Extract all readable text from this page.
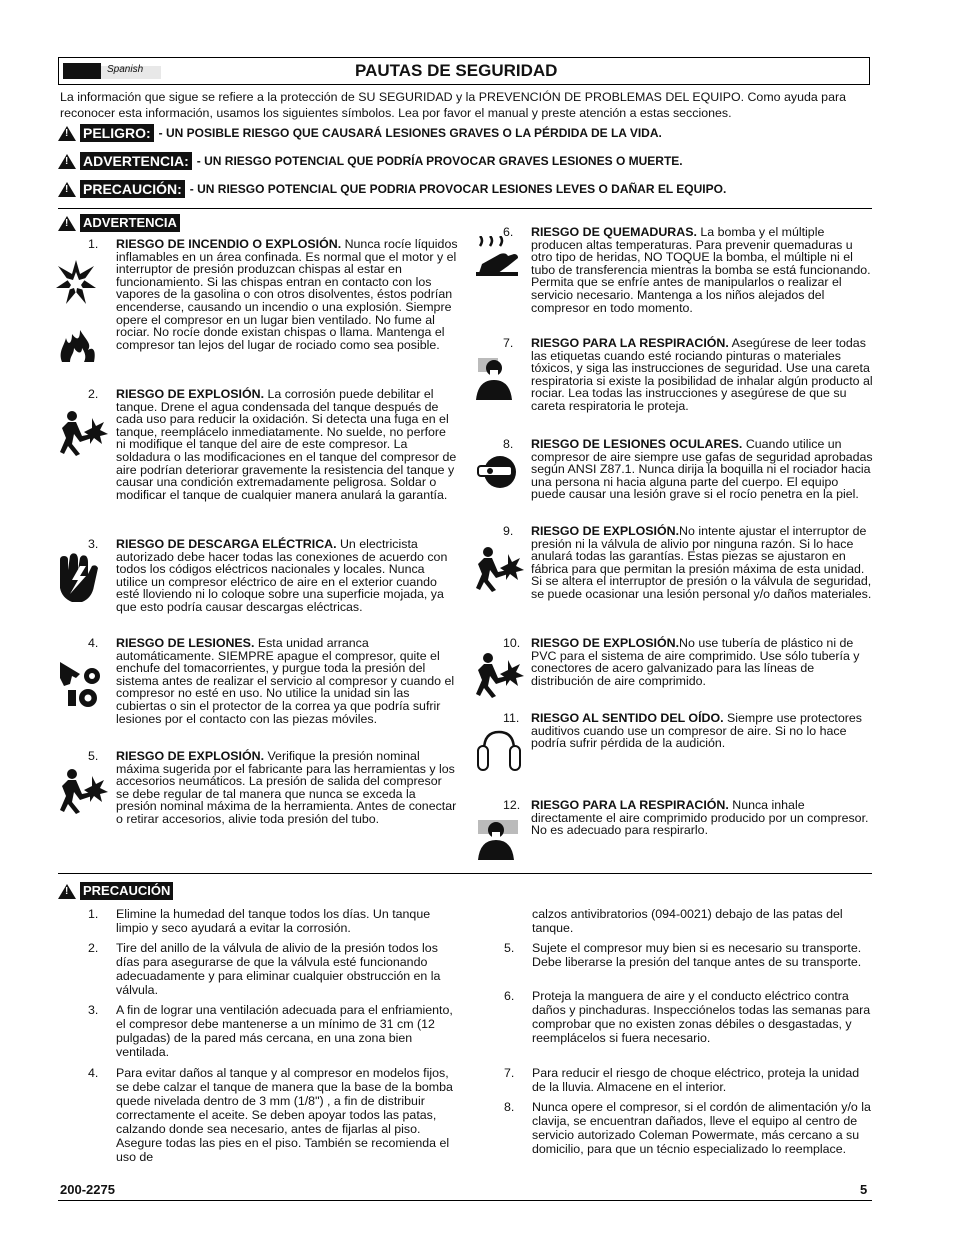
Spanish	PAUTAS DE SEGURIDAD
La información que sigue se refiere a la protección de SU SEGURIDAD y la PREVENCIÓN DE PROBLEMAS DEL EQUIPO. Como ayuda para reconocer esta información, usamos los siguientes símbolos. Lea por favor el manual y preste atención a estas secciones.
!
PELIGRO: - UN POSIBLE RIESGO QUE CAUSARÁ LESIONES GRAVES O LA PÉRDIDA DE LA VIDA.
!
ADVERTENCIA: - UN RIESGO POTENCIAL QUE PODRÍA PROVOCAR GRAVES LESIONES O MUERTE.
!
PRECAUCIÓN: - UN RIESGO POTENCIAL QUE PODRIA PROVOCAR LESIONES LEVES O DAÑAR EL EQUIPO.
!
ADVERTENCIA
1. RIESGO DE INCENDIO O EXPLOSIÓN. Nunca rocíe líquidos inflamables en un área confinada. Es normal que el motor y el interruptor de presión produzcan chispas al estar en funcionamiento. Si las chispas entran en contacto con los vapores de la gasolina o con otros disolventes, éstos podrían encenderse, causando un incendio o una explosión. Siempre opere el compresor en un lugar bien ventilado. No fume al rociar. No rocíe donde existan chispas o llama. Mantenga el compresor tan lejos del lugar de rociado como sea posible.
2. RIESGO DE EXPLOSIÓN. La corrosión puede debilitar el tanque. Drene el agua condensada del tanque después de cada uso para reducir la oxidación. Si detecta una fuga en el tanque, reemplácelo inmediatamente. No suelde, no perfore ni modifique el tanque del aire de este compresor. La soldadura o las modificaciones en el tanque del compresor de aire podrían deteriorar gravemente la resistencia del tanque y causar una condición extremadamente peligrosa. Soldar o modificar el tanque de cualquier manera anulará la garantía.
3. RIESGO DE DESCARGA ELÉCTRICA. Un electricista autorizado debe hacer todas las conexiones de acuerdo con todos los códigos eléctricos nacionales y locales. Nunca utilice un compresor eléctrico de aire en el exterior cuando esté lloviendo ni lo coloque sobre una superficie mojada, ya que esto podría causar descargas eléctricas.
4. RIESGO DE LESIONES. Esta unidad arranca automáticamente. SIEMPRE apague el compresor, quite el enchufe del tomacorrientes, y purgue toda la presión del sistema antes de realizar el servicio al compresor y cuando el compresor no esté en uso. No utilice la unidad sin las cubiertas o sin el protector de la correa ya que podría sufrir lesiones por el contacto con las piezas móviles.
5. RIESGO DE EXPLOSIÓN. Verifique la presión nominal máxima sugerida por el fabricante para las herramientas y los accesorios neumáticos. La presión de salida del compresor se debe regular de tal manera que nunca se exceda la presión nominal máxima de la herramienta. Antes de conectar o retirar accesorios, alivie toda presión del tubo.
6. RIESGO DE QUEMADURAS. La bomba y el múltiple producen altas temperaturas. Para prevenir quemaduras u otro tipo de heridas, NO TOQUE la bomba, el múltiple ni el tubo de transferencia mientras la bomba se está funcionando. Permita que se enfríe antes de manipularlos o realizar el servicio necesario. Mantenga a los niños alejados del compresor en todo momento.
7. RIESGO PARA LA RESPIRACIÓN. Asegúrese de leer todas las etiquetas cuando esté rociando pinturas o materiales tóxicos, y siga las instrucciones de seguridad. Use una careta respiratoria si existe la posibilidad de inhalar algún producto al rociar. Lea todas las instrucciones y asegúrese de que su careta respiratoria le proteja.
8. RIESGO DE LESIONES OCULARES. Cuando utilice un compresor de aire siempre use gafas de seguridad aprobadas según ANSI Z87.1. Nunca dirija la boquilla ni el rociador hacia una persona ni hacia alguna parte del cuerpo. El equipo puede causar una lesión grave si el rocío penetra en la piel.
9. RIESGO DE EXPLOSIÓN.No intente ajustar el interruptor de presión ni la válvula de alivio por ninguna razón. Si lo hace anulará todas las garantías. Estas piezas se ajustaron en fábrica para que permitan la presión máxima de esta unidad. Si se altera el interruptor de presión o la válvula de seguridad, se puede ocasionar una lesión personal y/o daños materiales.
10. RIESGO DE EXPLOSIÓN.No use tubería de plástico ni de PVC para el sistema de aire comprimido. Use sólo tubería y conectores de acero galvanizado para las líneas de distribución de aire comprimido.
11. RIESGO AL SENTIDO DEL OÍDO. Siempre use protectores auditivos cuando use un compresor de aire. Si no lo hace podría sufrir pérdida de la audición.
12. RIESGO PARA LA RESPIRACIÓN. Nunca inhale directamente el aire comprimido producido por un compresor. No es adecuado para respirarlo.
!
PRECAUCIÓN
1. Elimine la humedad del tanque todos los días. Un tanque limpio y seco ayudará a evitar la corrosión.
2. Tire del anillo de la válvula de alivio de la presión todos los días para asegurarse de que la válvula esté funcionando adecuadamente y para eliminar cualquier obstrucción en la válvula.
3. A fin de lograr una ventilación adecuada para el enfriamiento, el compresor debe mantenerse a un mínimo de 31 cm (12 pulgadas) de la pared más cercana, en una zona bien ventilada.
4. Para evitar daños al tanque y al compresor en modelos fijos, se debe calzar el tanque de manera que la base de la bomba quede nivelada dentro de 3 mm (1/8") , a fin de distribuir correctamente el aceite. Se deben apoyar todos las patas, calzando donde sea necesario, antes de fijarlas al piso. Asegure todas las pies en el piso. También se recomienda el uso de
calzos antivibratorios (094-0021) debajo de las patas del tanque.
5. Sujete el compresor muy bien si es necesario su transporte. Debe liberarse la presión del tanque antes de su transporte.
6. Proteja la manguera de aire y el conducto eléctrico contra daños y pinchaduras. Inspecciónelos todas las semanas para comprobar que no existen zonas débiles o desgastadas, y reemplácelos si fuera necesario.
7. Para reducir el riesgo de choque eléctrico, proteja la unidad de la lluvia. Almacene en el interior.
8. Nunca opere el compresor, si el cordón de alimentación y/o la clavija, se encuentran dañados, lleve el equipo al centro de servicio autorizado Coleman Powermate, más cercano a su domicilio, para que un técnio especializado lo reemplace.
200-2275	5
